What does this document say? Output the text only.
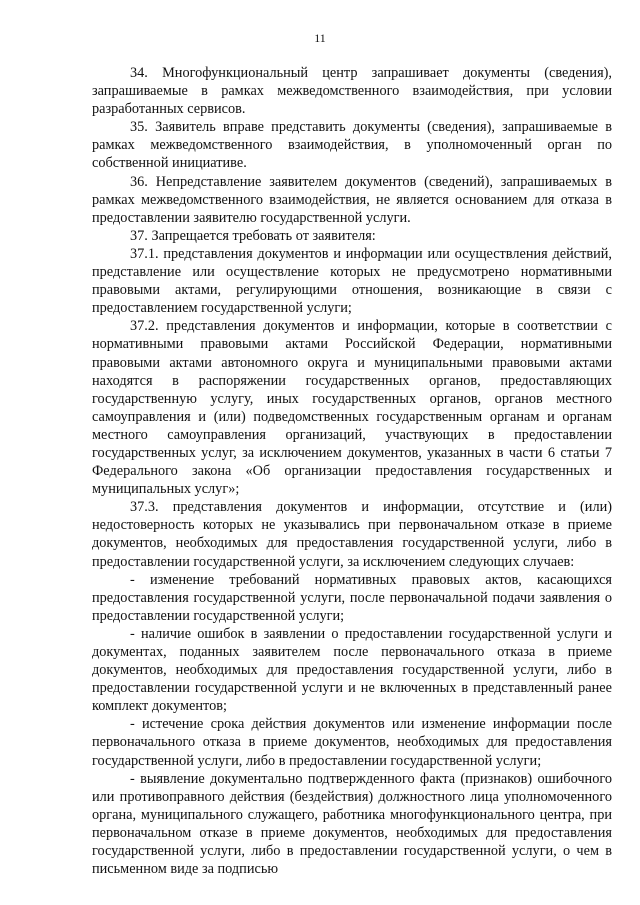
11

34. Многофункциональный центр запрашивает документы (сведения), запрашиваемые в рамках межведомственного взаимодействия, при условии разработанных сервисов.

35. Заявитель вправе представить документы (сведения), запрашиваемые в рамках межведомственного взаимодействия, в уполномоченный орган по собственной инициативе.

36. Непредставление заявителем документов (сведений), запрашиваемых в рамках межведомственного взаимодействия, не является основанием для отказа в предоставлении заявителю государственной услуги.

37. Запрещается требовать от заявителя:

37.1. представления документов и информации или осуществления действий, представление или осуществление которых не предусмотрено нормативными правовыми актами, регулирующими отношения, возникающие в связи с предоставлением государственной услуги;

37.2. представления документов и информации, которые в соответствии с нормативными правовыми актами Российской Федерации, нормативными правовыми актами автономного округа и муниципальными правовыми актами находятся в распоряжении государственных органов, предоставляющих государственную услугу, иных государственных органов, органов местного самоуправления и (или) подведомственных государственным органам и органам местного самоуправления организаций, участвующих в предоставлении государственных услуг, за исключением документов, указанных в части 6 статьи 7 Федерального закона «Об организации предоставления государственных и муниципальных услуг»;

37.3. представления документов и информации, отсутствие и (или) недостоверность которых не указывались при первоначальном отказе в приеме документов, необходимых для предоставления государственной услуги, либо в предоставлении государственной услуги, за исключением следующих случаев:

- изменение требований нормативных правовых актов, касающихся предоставления государственной услуги, после первоначальной подачи заявления о предоставлении государственной услуги;

- наличие ошибок в заявлении о предоставлении государственной услуги и документах, поданных заявителем после первоначального отказа в приеме документов, необходимых для предоставления государственной услуги, либо в предоставлении государственной услуги и не включенных в представленный ранее комплект документов;

- истечение срока действия документов или изменение информации после первоначального отказа в приеме документов, необходимых для предоставления государственной услуги, либо в предоставлении государственной услуги;

- выявление документально подтвержденного факта (признаков) ошибочного или противоправного действия (бездействия) должностного лица уполномоченного органа, муниципального служащего, работника многофункционального центра, при первоначальном отказе в приеме документов, необходимых для предоставления государственной услуги, либо в предоставлении государственной услуги, о чем в письменном виде за подписью
